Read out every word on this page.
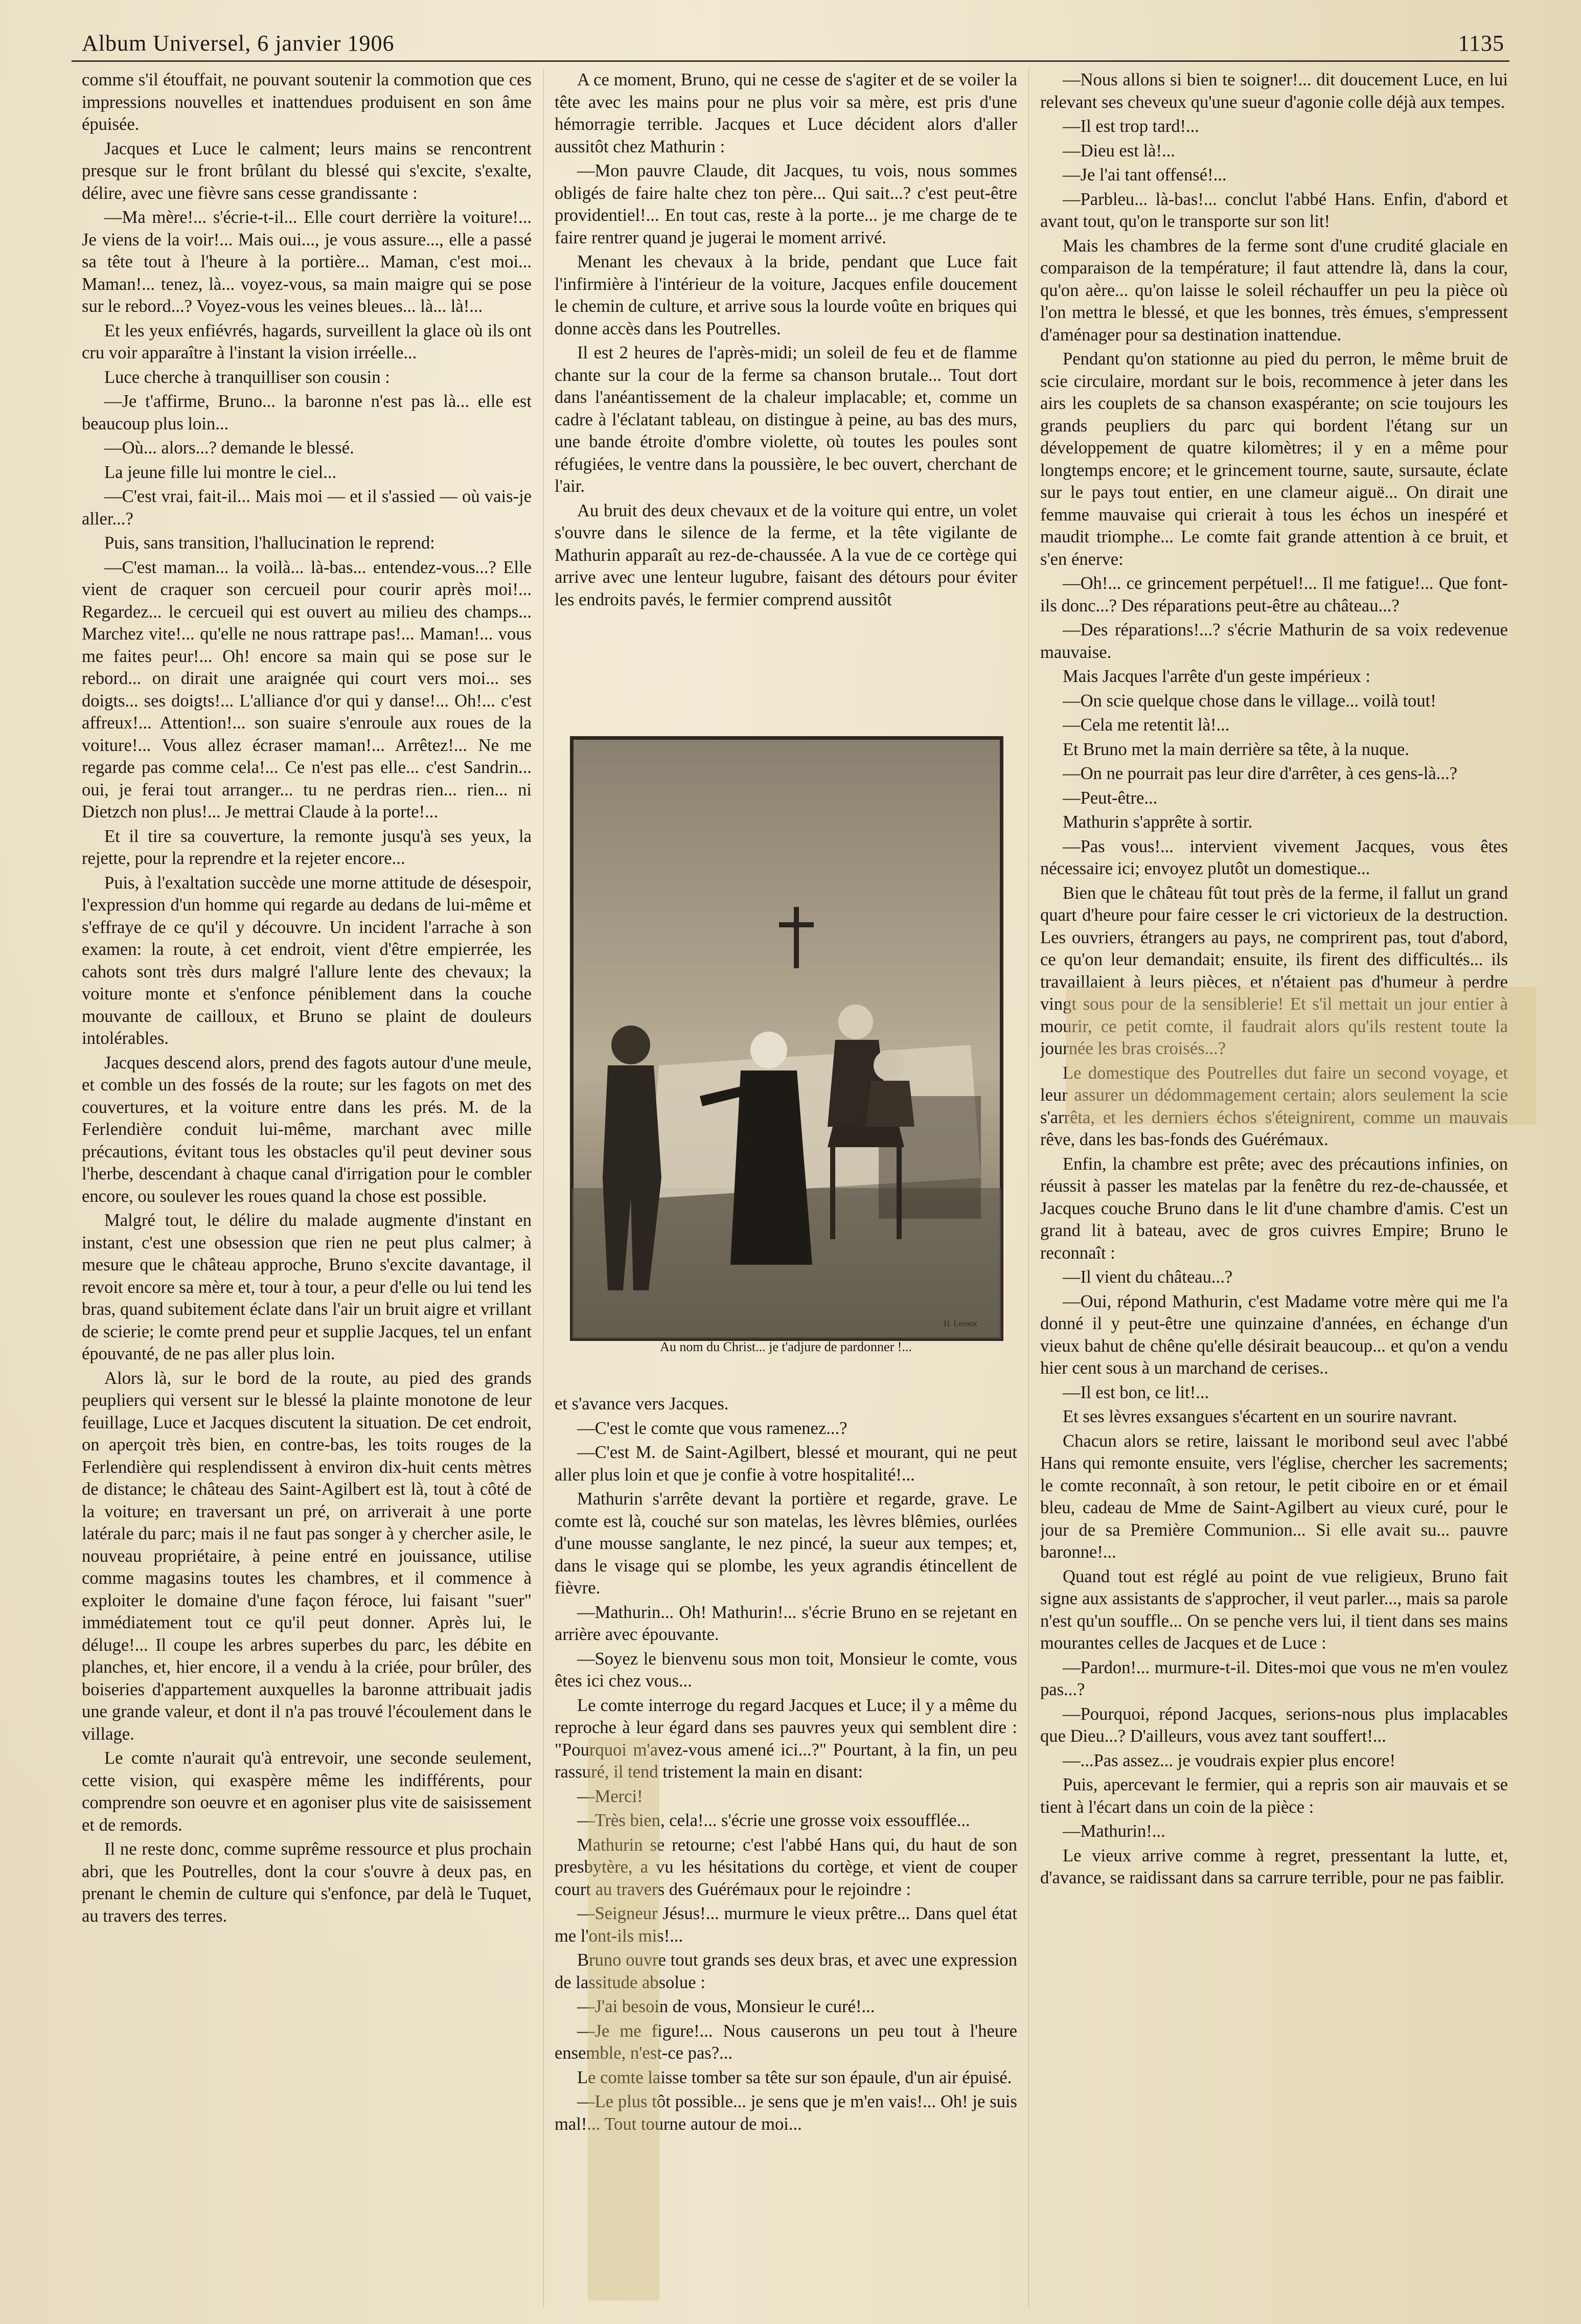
Album Universel, 6 janvier 1906	1135

comme s'il étouffait, ne pouvant soutenir la commotion que ces impressions nouvelles et inattendues produisent en son âme épuisée.

Jacques et Luce le calment; leurs mains se rencontrent presque sur le front brûlant du blessé qui s'excite, s'exalte, délire, avec une fièvre sans cesse grandissante :

—Ma mère!... s'écrie-t-il... Elle court derrière la voiture!... Je viens de la voir!... Mais oui..., je vous assure..., elle a passé sa tête tout à l'heure à la portière... Maman, c'est moi... Maman!... tenez, là... voyez-vous, sa main maigre qui se pose sur le rebord...? Voyez-vous les veines bleues... là... là!...

Et les yeux enfiévrés, hagards, surveillent la glace où ils ont cru voir apparaître à l'instant la vision irréelle...

Luce cherche à tranquilliser son cousin :

—Je t'affirme, Bruno... la baronne n'est pas là... elle est beaucoup plus loin...

—Où... alors...? demande le blessé.

La jeune fille lui montre le ciel...

—C'est vrai, fait-il... Mais moi — et il s'assied — où vais-je aller...?

Puis, sans transition, l'hallucination le reprend:

—C'est maman... la voilà... là-bas... entendez-vous...? Elle vient de craquer son cercueil pour courir après moi!... Regardez... le cercueil qui est ouvert au milieu des champs... Marchez vite!... qu'elle ne nous rattrape pas!... Maman!... vous me faites peur!... Oh! encore sa main qui se pose sur le rebord... on dirait une araignée qui court vers moi... ses doigts... ses doigts!... L'alliance d'or qui y danse!... Oh!... c'est affreux!... Attention!... son suaire s'enroule aux roues de la voiture!... Vous allez écraser maman!... Arrêtez!... Ne me regarde pas comme cela!... Ce n'est pas elle... c'est Sandrin... oui, je ferai tout arranger... tu ne perdras rien... rien... ni Dietzch non plus!... Je mettrai Claude à la porte!...

Et il tire sa couverture, la remonte jusqu'à ses yeux, la rejette, pour la reprendre et la rejeter encore...

Puis, à l'exaltation succède une morne attitude de désespoir, l'expression d'un homme qui regarde au dedans de lui-même et s'effraye de ce qu'il y découvre. Un incident l'arrache à son examen: la route, à cet endroit, vient d'être empierrée, les cahots sont très durs malgré l'allure lente des chevaux; la voiture monte et s'enfonce péniblement dans la couche mouvante de cailloux, et Bruno se plaint de douleurs intolérables.

Jacques descend alors, prend des fagots autour d'une meule, et comble un des fossés de la route; sur les fagots on met des couvertures, et la voiture entre dans les prés. M. de la Ferlendière conduit lui-même, marchant avec mille précautions, évitant tous les obstacles qu'il peut deviner sous l'herbe, descendant à chaque canal d'irrigation pour le combler encore, ou soulever les roues quand la chose est possible.

Malgré tout, le délire du malade augmente d'instant en instant, c'est une obsession que rien ne peut plus calmer; à mesure que le château approche, Bruno s'excite davantage, il revoit encore sa mère et, tour à tour, a peur d'elle ou lui tend les bras, quand subitement éclate dans l'air un bruit aigre et vrillant de scierie; le comte prend peur et supplie Jacques, tel un enfant épouvanté, de ne pas aller plus loin.

Alors là, sur le bord de la route, au pied des grands peupliers qui versent sur le blessé la plainte monotone de leur feuillage, Luce et Jacques discutent la situation. De cet endroit, on aperçoit très bien, en contre-bas, les toits rouges de la Ferlendière qui resplendissent à environ dix-huit cents mètres de distance; le château des Saint-Agilbert est là, tout à côté de la voiture; en traversant un pré, on arriverait à une porte latérale du parc; mais il ne faut pas songer à y chercher asile, le nouveau propriétaire, à peine entré en jouissance, utilise comme magasins toutes les chambres, et il commence à exploiter le domaine d'une façon féroce, lui faisant "suer" immédiatement tout ce qu'il peut donner. Après lui, le déluge!... Il coupe les arbres superbes du parc, les débite en planches, et, hier encore, il a vendu à la criée, pour brûler, des boiseries d'appartement auxquelles la baronne attribuait jadis une grande valeur, et dont il n'a pas trouvé l'écoulement dans le village.

Le comte n'aurait qu'à entrevoir, une seconde seulement, cette vision, qui exaspère même les indifférents, pour comprendre son oeuvre et en agoniser plus vite de saisissement et de remords.

Il ne reste donc, comme suprême ressource et plus prochain abri, que les Poutrelles, dont la cour s'ouvre à deux pas, en prenant le chemin de culture qui s'enfonce, par delà le Tuquet, au travers des terres.

A ce moment, Bruno, qui ne cesse de s'agiter et de se voiler la tête avec les mains pour ne plus voir sa mère, est pris d'une hémorragie terrible. Jacques et Luce décident alors d'aller aussitôt chez Mathurin :

—Mon pauvre Claude, dit Jacques, tu vois, nous sommes obligés de faire halte chez ton père... Qui sait...? c'est peut-être providentiel!... En tout cas, reste à la porte... je me charge de te faire rentrer quand je jugerai le moment arrivé.

Menant les chevaux à la bride, pendant que Luce fait l'infirmière à l'intérieur de la voiture, Jacques enfile doucement le chemin de culture, et arrive sous la lourde voûte en briques qui donne accès dans les Poutrelles.

Il est 2 heures de l'après-midi; un soleil de feu et de flamme chante sur la cour de la ferme sa chanson brutale... Tout dort dans l'anéantissement de la chaleur implacable; et, comme un cadre à l'éclatant tableau, on distingue à peine, au bas des murs, une bande étroite d'ombre violette, où toutes les poules sont réfugiées, le ventre dans la poussière, le bec ouvert, cherchant de l'air.

Au bruit des deux chevaux et de la voiture qui entre, un volet s'ouvre dans le silence de la ferme, et la tête vigilante de Mathurin apparaît au rez-de-chaussée. A la vue de ce cortège qui arrive avec une lenteur lugubre, faisant des détours pour éviter les endroits pavés, le fermier comprend aussitôt

H. Leroux
Au nom du Christ... je t'adjure de pardonner !...

et s'avance vers Jacques.

—C'est le comte que vous ramenez...?

—C'est M. de Saint-Agilbert, blessé et mourant, qui ne peut aller plus loin et que je confie à votre hospitalité!...

Mathurin s'arrête devant la portière et regarde, grave. Le comte est là, couché sur son matelas, les lèvres blêmies, ourlées d'une mousse sanglante, le nez pincé, la sueur aux tempes; et, dans le visage qui se plombe, les yeux agrandis étincellent de fièvre.

—Mathurin... Oh! Mathurin!... s'écrie Bruno en se rejetant en arrière avec épouvante.

—Soyez le bienvenu sous mon toit, Monsieur le comte, vous êtes ici chez vous...

Le comte interroge du regard Jacques et Luce; il y a même du reproche à leur égard dans ses pauvres yeux qui semblent dire : "Pourquoi m'avez-vous amené ici...?" Pourtant, à la fin, un peu rassuré, il tend tristement la main en disant:

—Merci!

—Très bien, cela!... s'écrie une grosse voix essoufflée...

Mathurin se retourne; c'est l'abbé Hans qui, du haut de son presbytère, a vu les hésitations du cortège, et vient de couper court au travers des Guérémaux pour le rejoindre :

—Seigneur Jésus!... murmure le vieux prêtre... Dans quel état me l'ont-ils mis!...

Bruno ouvre tout grands ses deux bras, et avec une expression de lassitude absolue :

—J'ai besoin de vous, Monsieur le curé!...

—Je me figure!... Nous causerons un peu tout à l'heure ensemble, n'est-ce pas?...

Le comte laisse tomber sa tête sur son épaule, d'un air épuisé.

—Le plus tôt possible... je sens que je m'en vais!... Oh! je suis mal!... Tout tourne autour de moi...

—Nous allons si bien te soigner!... dit doucement Luce, en lui relevant ses cheveux qu'une sueur d'agonie colle déjà aux tempes.

—Il est trop tard!...

—Dieu est là!...

—Je l'ai tant offensé!...

—Parbleu... là-bas!... conclut l'abbé Hans. Enfin, d'abord et avant tout, qu'on le transporte sur son lit!

Mais les chambres de la ferme sont d'une crudité glaciale en comparaison de la température; il faut attendre là, dans la cour, qu'on aère... qu'on laisse le soleil réchauffer un peu la pièce où l'on mettra le blessé, et que les bonnes, très émues, s'empressent d'aménager pour sa destination inattendue.

Pendant qu'on stationne au pied du perron, le même bruit de scie circulaire, mordant sur le bois, recommence à jeter dans les airs les couplets de sa chanson exaspérante; on scie toujours les grands peupliers du parc qui bordent l'étang sur un développement de quatre kilomètres; il y en a même pour longtemps encore; et le grincement tourne, saute, sursaute, éclate sur le pays tout entier, en une clameur aiguë... On dirait une femme mauvaise qui crierait à tous les échos un inespéré et maudit triomphe... Le comte fait grande attention à ce bruit, et s'en énerve:

—Oh!... ce grincement perpétuel!... Il me fatigue!... Que font-ils donc...? Des réparations peut-être au château...?

—Des réparations!...? s'écrie Mathurin de sa voix redevenue mauvaise.

Mais Jacques l'arrête d'un geste impérieux :

—On scie quelque chose dans le village... voilà tout!

—Cela me retentit là!...

Et Bruno met la main derrière sa tête, à la nuque.

—On ne pourrait pas leur dire d'arrêter, à ces gens-là...?

—Peut-être...

Mathurin s'apprête à sortir.

—Pas vous!... intervient vivement Jacques, vous êtes nécessaire ici; envoyez plutôt un domestique...

Bien que le château fût tout près de la ferme, il fallut un grand quart d'heure pour faire cesser le cri victorieux de la destruction. Les ouvriers, étrangers au pays, ne comprirent pas, tout d'abord, ce qu'on leur demandait; ensuite, ils firent des difficultés... ils travaillaient à leurs pièces, et n'étaient pas d'humeur à perdre vingt sous pour de la sensiblerie! Et s'il mettait un jour entier à mourir, ce petit comte, il faudrait alors qu'ils restent toute la journée les bras croisés...?

Le domestique des Poutrelles dut faire un second voyage, et leur assurer un dédommagement certain; alors seulement la scie s'arrêta, et les derniers échos s'éteignirent, comme un mauvais rêve, dans les bas-fonds des Guérémaux.

Enfin, la chambre est prête; avec des précautions infinies, on réussit à passer les matelas par la fenêtre du rez-de-chaussée, et Jacques couche Bruno dans le lit d'une chambre d'amis. C'est un grand lit à bateau, avec de gros cuivres Empire; Bruno le reconnaît :

—Il vient du château...?

—Oui, répond Mathurin, c'est Madame votre mère qui me l'a donné il y peut-être une quinzaine d'années, en échange d'un vieux bahut de chêne qu'elle désirait beaucoup... et qu'on a vendu hier cent sous à un marchand de cerises..

—Il est bon, ce lit!...

Et ses lèvres exsangues s'écartent en un sourire navrant.

Chacun alors se retire, laissant le moribond seul avec l'abbé Hans qui remonte ensuite, vers l'église, chercher les sacrements; le comte reconnaît, à son retour, le petit ciboire en or et émail bleu, cadeau de Mme de Saint-Agilbert au vieux curé, pour le jour de sa Première Communion... Si elle avait su... pauvre baronne!...

Quand tout est réglé au point de vue religieux, Bruno fait signe aux assistants de s'approcher, il veut parler..., mais sa parole n'est qu'un souffle... On se penche vers lui, il tient dans ses mains mourantes celles de Jacques et de Luce :

—Pardon!... murmure-t-il. Dites-moi que vous ne m'en voulez pas...?

—Pourquoi, répond Jacques, serions-nous plus implacables que Dieu...? D'ailleurs, vous avez tant souffert!...

—...Pas assez... je voudrais expier plus encore!

Puis, apercevant le fermier, qui a repris son air mauvais et se tient à l'écart dans un coin de la pièce :

—Mathurin!...

Le vieux arrive comme à regret, pressentant la lutte, et, d'avance, se raidissant dans sa carrure terrible, pour ne pas faiblir.
